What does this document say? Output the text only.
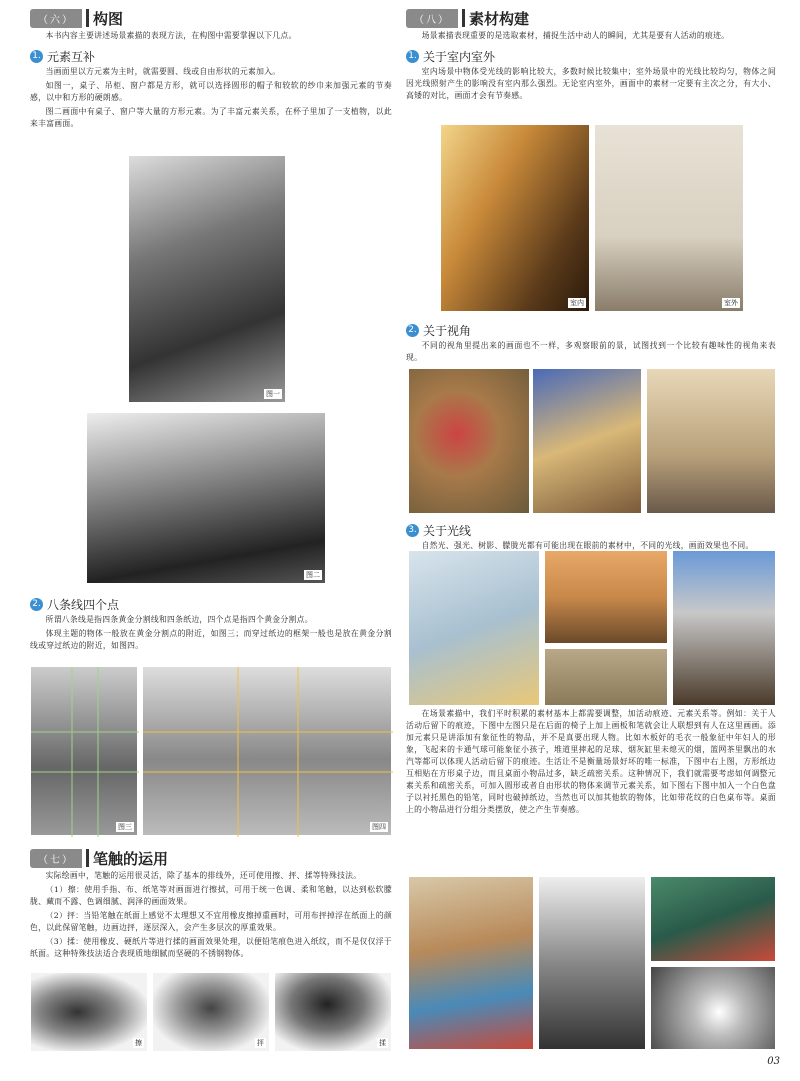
（六）	构图

本书内容主要讲述场景素描的表现方法，在构图中需要掌握以下几点。

1. 元素互补

当画面里以方元素为主时，就需要圆、线或自由形状的元素加入。

如图一，桌子、吊柜、窗户都是方形，就可以选择圆形的帽子和较软的纱巾来加强元素的节奏感，以中和方形的硬朗感。

图二画面中有桌子、窗户等大量的方形元素。为了丰富元素关系，在杯子里加了一支植物，以此来丰富画面。

图一
图二
2. 八条线四个点

所谓八条线是指四条黄金分割线和四条纸边，四个点是指四个黄金分割点。

体现主题的物体一般放在黄金分割点的附近，如图三；而穿过纸边的框架一般也是放在黄金分割线或穿过纸边的附近，如图四。

图三	图四
（七）	笔触的运用

实际绘画中，笔触的运用很灵活，除了基本的排线外，还可使用擦、抨、揉等特殊技法。

（1）擦：使用手指、布、纸笔等对画面进行擦拭，可用于统一色调、柔和笔触，以达到松软朦胧、藏而不露、色调细腻、润泽的画面效果。

（2）抨：当铅笔触在纸面上感觉不太理想又不宜用橡皮擦掉重画时，可用布抨掉浮在纸面上的颜色，以此保留笔触，边画边抨，逐层深入，会产生多层次的厚重效果。

（3）揉：使用橡皮、硬纸片等进行揉的画面效果处理，以便铅笔痕色进入纸纹，而不是仅仅浮于纸面。这种特殊技法适合表现质地细腻而坚硬的不锈钢物体。

擦	抨	揉
（八）	素材构建

场景素描表现重要的是选取素材，捕捉生活中动人的瞬间，尤其是要有人活动的痕迹。

1. 关于室内室外

室内场景中物体受光线的影响比较大，多数时候比较集中；室外场景中的光线比较均匀，物体之间因光线照射产生的影响没有室内那么强烈。无论室内室外，画面中的素材一定要有主次之分，有大小、高矮的对比，画面才会有节奏感。

室内	室外
2. 关于视角

不同的视角里提出来的画面也不一样，多观察眼前的景，试图找到一个比较有趣味性的视角来表现。

3. 关于光线

自然光、强光、树影、朦胧光都有可能出现在眼前的素材中，不同的光线，画面效果也不同。

在场景素描中，我们平时积累的素材基本上都需要调整，加活动痕迹、元素关系等。例如：关于人活动后留下的痕迹，下图中左图只是在后面的椅子上加上画板和笔就会让人联想到有人在这里画画。添加元素只是讲添加有象征性的物品，并不是真要出现人物。比如木板好的毛衣一般象征中年妇人的形象，飞起来的卡通气球可能象征小孩子，堆道里摔起的足球、烟灰缸里未熄灭的烟，篮网茶里飘出的水汽等都可以体现人活动后留下的痕迹。生活让不是衡量场景好坏的唯一标准，下图中右上图，方形纸边互相贴在方形桌子边，而且桌面小物品过多，缺乏疏密关系。这种情况下，我们就需要考虑如何调整元素关系和疏密关系，可加入圆形或者自由形状的物体来调节元素关系，如下图右下图中加入一个白色盘子以衬托黑色的铅笔，同时也破掉纸边，当然也可以加其他软的物体，比如带花纹的白色桌布等。桌面上的小物品进行分组分类摆放，使之产生节奏感。

03
